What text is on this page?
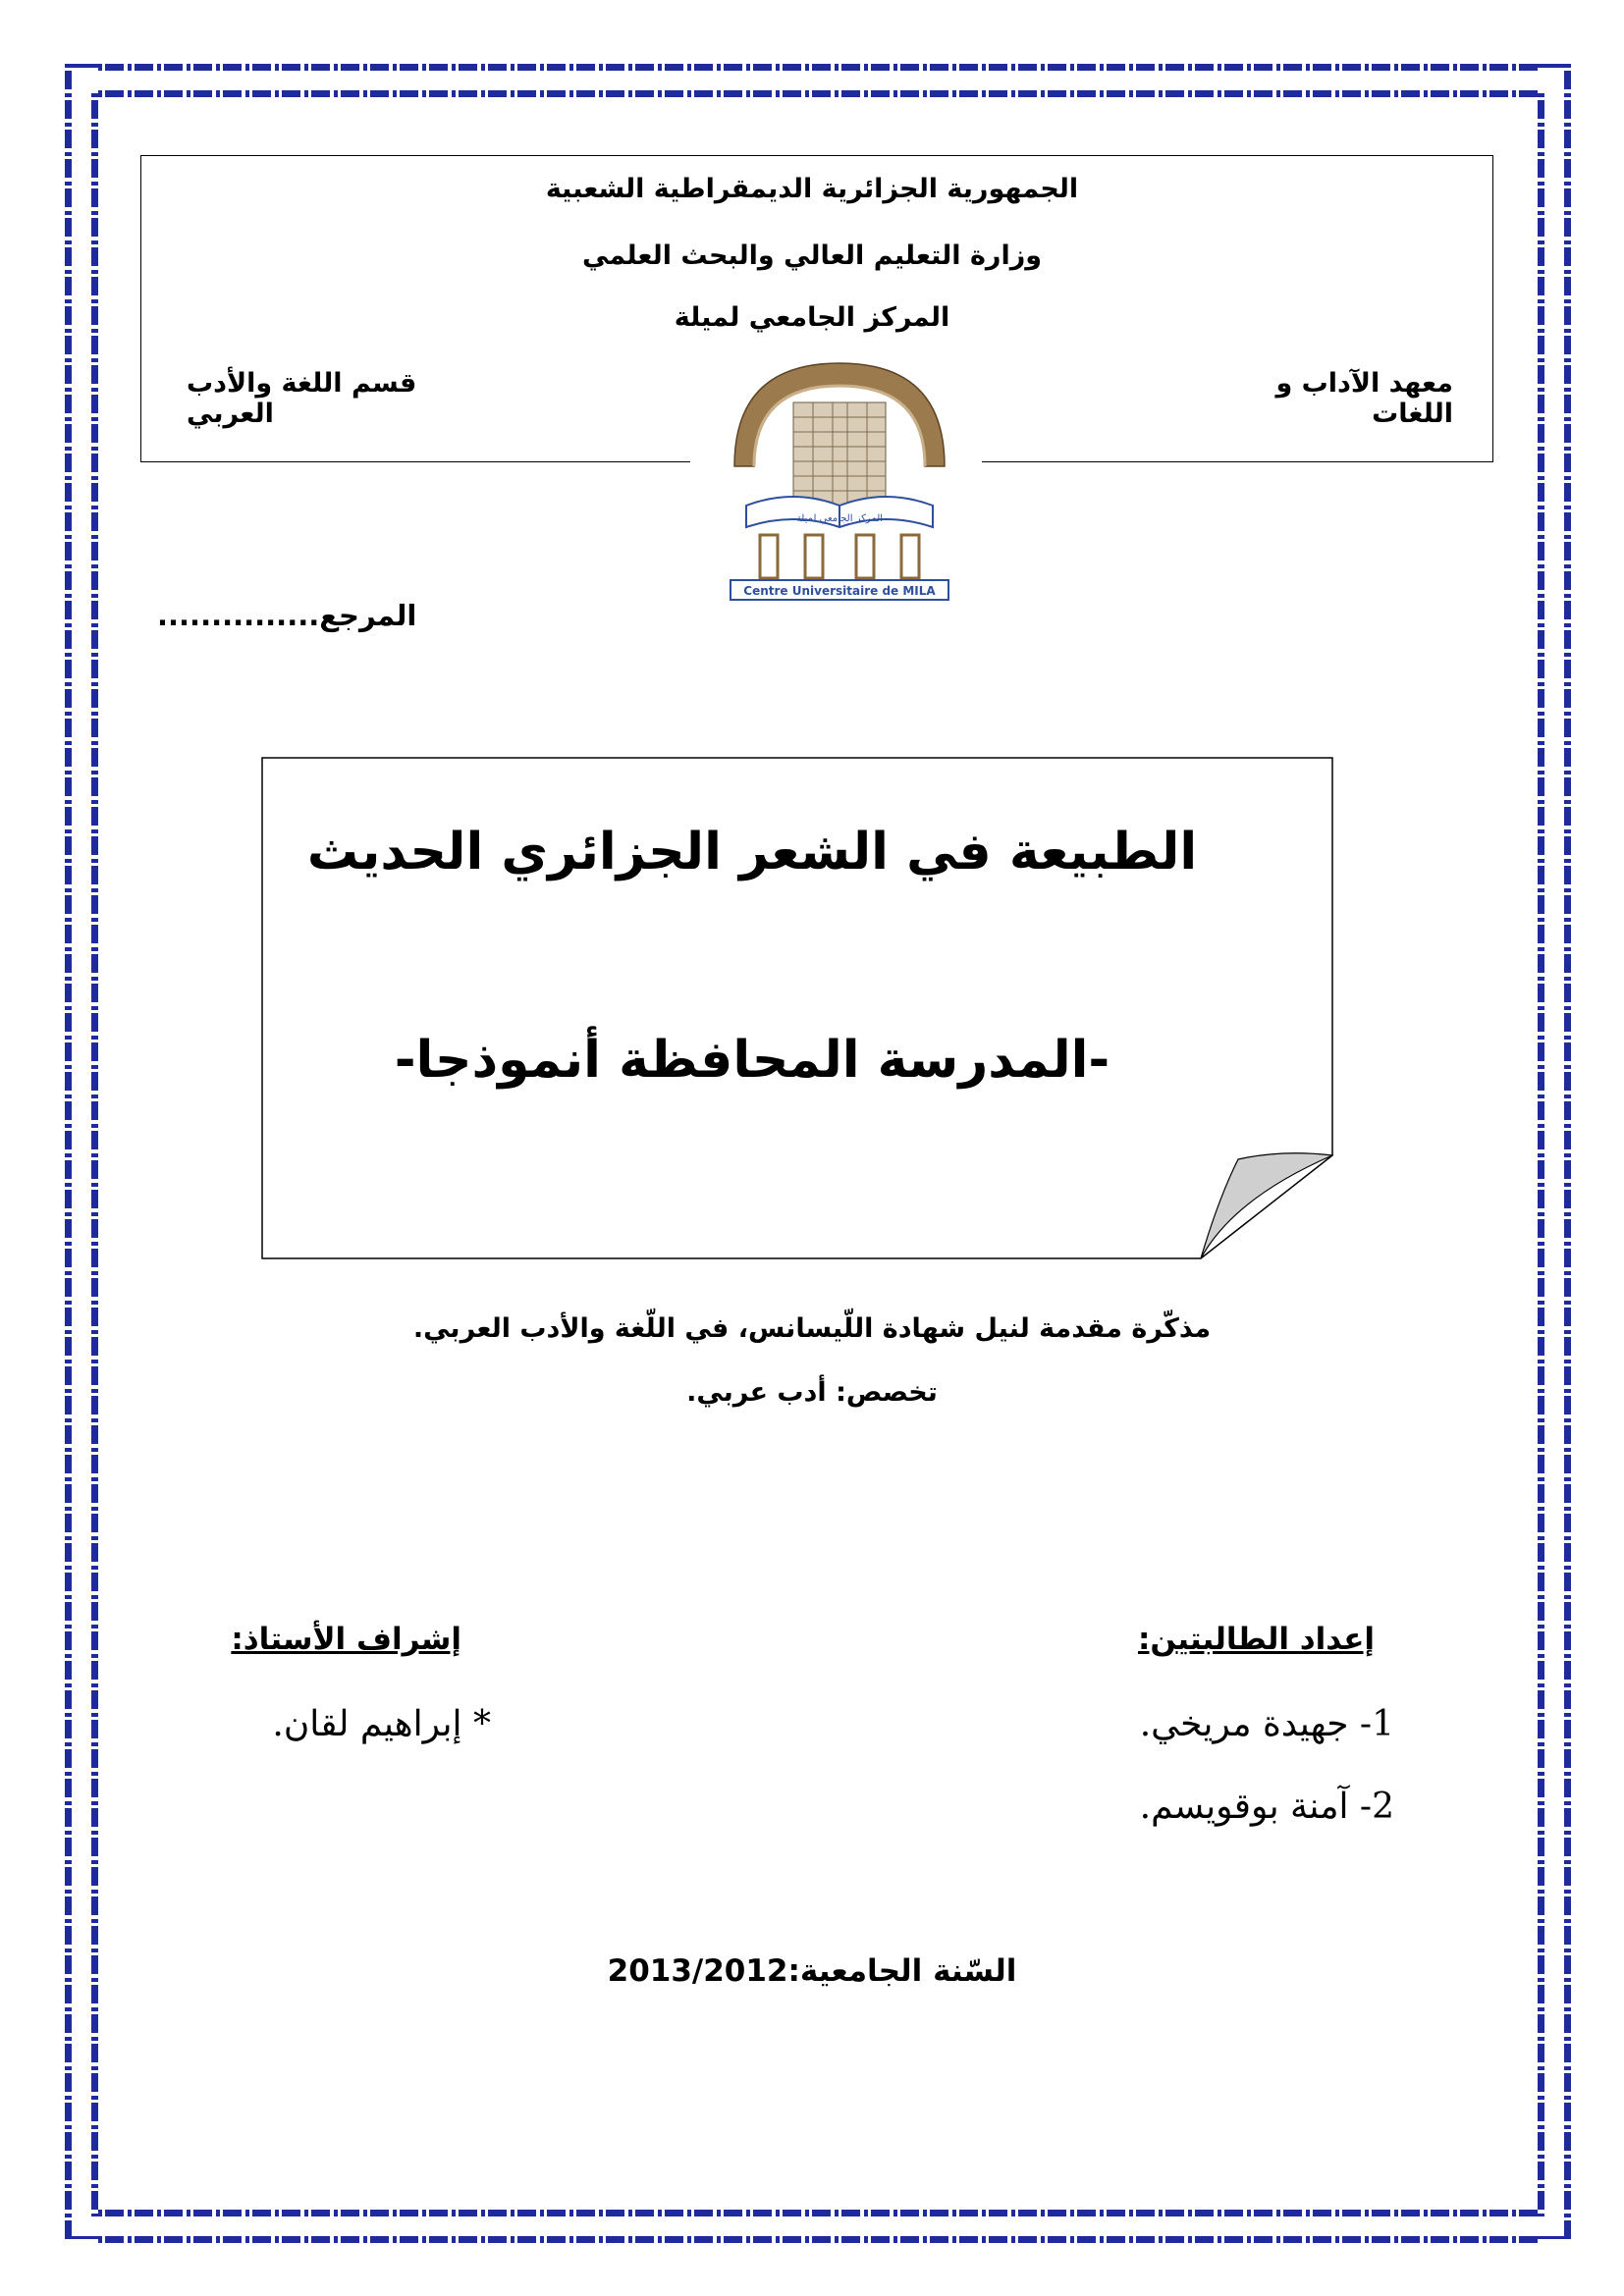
الجمهورية الجزائرية الديمقراطية الشعبية
وزارة التعليم العالي والبحث العلمي
المركز الجامعي لميلة
معهد الآداب و اللغات
قسم اللغة والأدب العربي
المركز الجامعي لميلة
Centre Universitaire de MILA
المرجع...............
الطبيعة في الشعر الجزائري الحديث
-المدرسة المحافظة أنموذجا-
مذكّرة مقدمة لنيل شهادة اللّيسانس، في اللّغة والأدب العربي.
تخصص: أدب عربي.
إعداد الطالبتين:
1- جهيدة مريخي.
2- آمنة بوقويسم.
إشراف الأستاذ:
* إبراهيم لقان.
السّنة الجامعية:2013/2012
